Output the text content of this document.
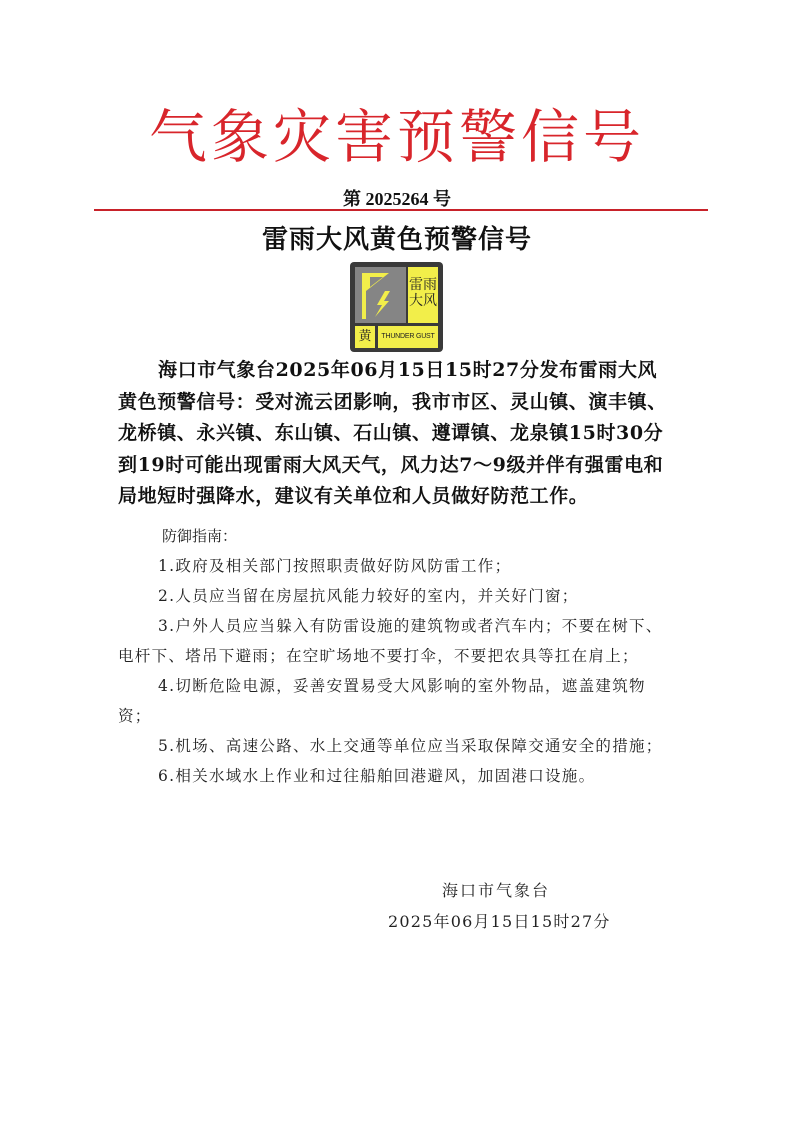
气象灾害预警信号
第 2025264 号
雷雨大风黄色预警信号
雷雨
大风
黄	THUNDER GUST

海口市气象台2025年06月15日15时27分发布雷雨大风黄色预警信号：受对流云团影响，我市市区、灵山镇、演丰镇、龙桥镇、永兴镇、东山镇、石山镇、遵谭镇、龙泉镇15时30分到19时可能出现雷雨大风天气，风力达7～9级并伴有强雷电和局地短时强降水，建议有关单位和人员做好防范工作。

防御指南：

1.政府及相关部门按照职责做好防风防雷工作；

2.人员应当留在房屋抗风能力较好的室内，并关好门窗；

3.户外人员应当躲入有防雷设施的建筑物或者汽车内；不要在树下、电杆下、塔吊下避雨；在空旷场地不要打伞，不要把农具等扛在肩上；

4.切断危险电源，妥善安置易受大风影响的室外物品，遮盖建筑物资；

5.机场、高速公路、水上交通等单位应当采取保障交通安全的措施；

6.相关水域水上作业和过往船舶回港避风，加固港口设施。

海口市气象台
2025年06月15日15时27分
